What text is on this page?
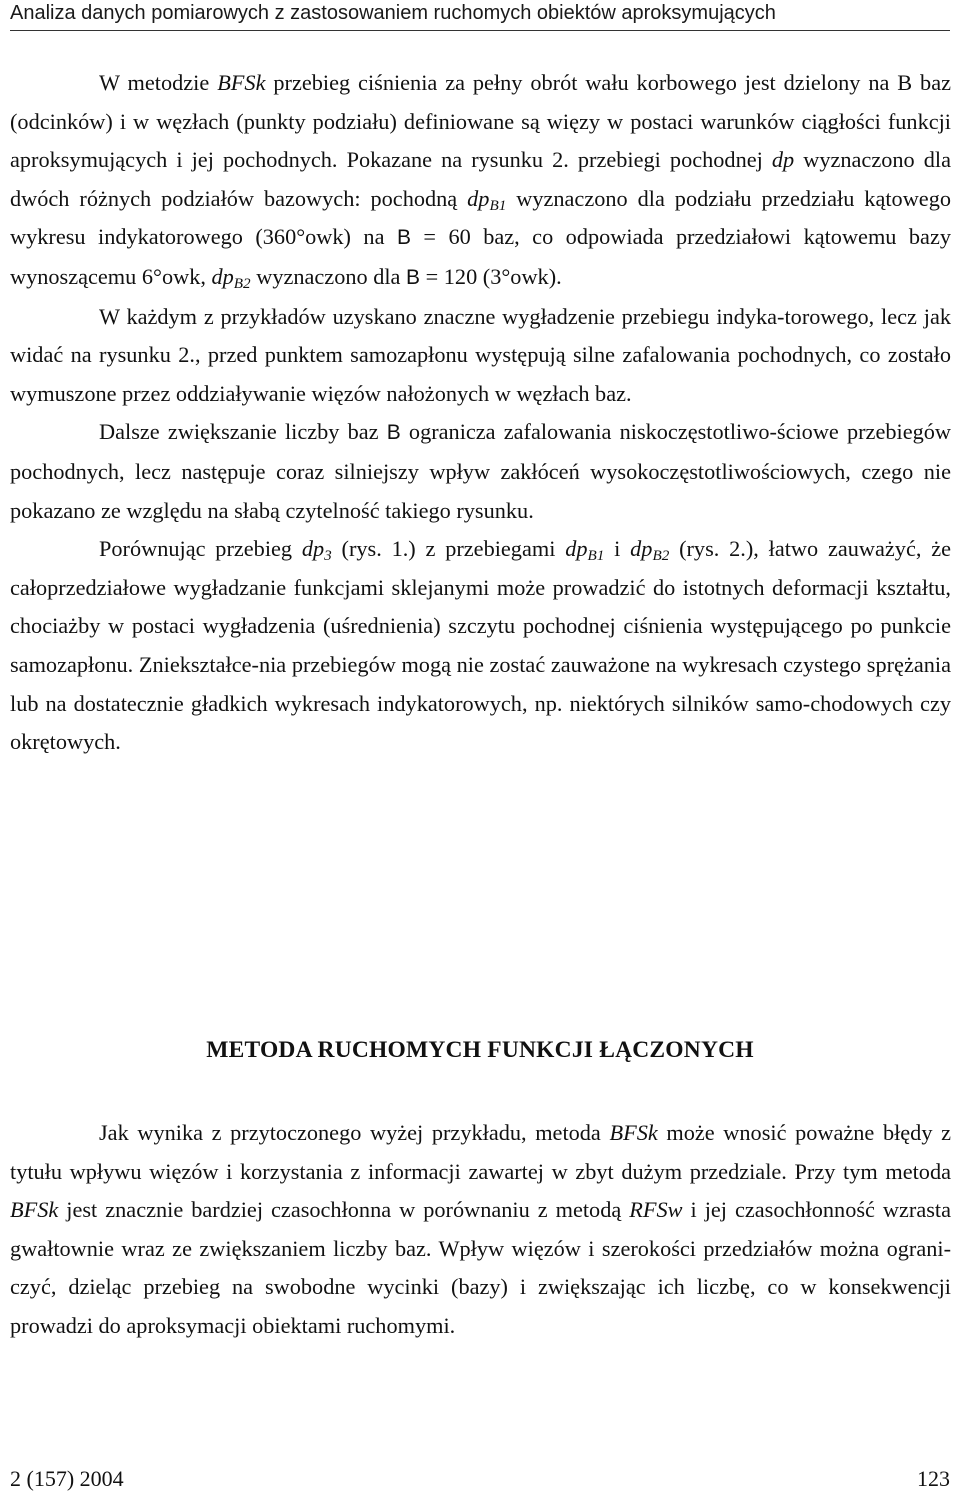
Analiza danych pomiarowych z zastosowaniem ruchomych obiektów aproksymujących

W metodzie BFSk przebieg ciśnienia za pełny obrót wału korbowego jest dzielony na B baz (odcinków) i w węzłach (punkty podziału) definiowane są więzy w postaci warunków ciągłości funkcji aproksymujących i jej pochodnych. Pokazane na rysunku 2. przebiegi pochodnej dp wyznaczono dla dwóch różnych podziałów bazowych: pochodną $dp_{B1}$ wyznaczono dla podziału przedziału kątowego wykresu indykatorowego (360°owk) na B = 60 baz, co odpowiada przedziałowi kątowemu bazy wynoszącemu 6°owk, $dp_{B2}$ wyznaczono dla B = 120 (3°owk).

W każdym z przykładów uzyskano znaczne wygładzenie przebiegu indyka-torowego, lecz jak widać na rysunku 2., przed punktem samozapłonu występują silne zafalowania pochodnych, co zostało wymuszone przez oddziaływanie więzów nałożonych w węzłach baz.

Dalsze zwiększanie liczby baz B ogranicza zafalowania niskoczęstotliwo-ściowe przebiegów pochodnych, lecz następuje coraz silniejszy wpływ zakłóceń wysokoczęstotliwościowych, czego nie pokazano ze względu na słabą czytelność takiego rysunku.

Porównując przebieg $dp_3$ (rys. 1.) z przebiegami $dp_{B1}$ i $dp_{B2}$ (rys. 2.), łatwo zauważyć, że całoprzedziałowe wygładzanie funkcjami sklejanymi może prowadzić do istotnych deformacji kształtu, chociażby w postaci wygładzenia (uśrednienia) szczytu pochodnej ciśnienia występującego po punkcie samozapłonu. Zniekształce-nia przebiegów mogą nie zostać zauważone na wykresach czystego sprężania lub na dostatecznie gładkich wykresach indykatorowych, np. niektórych silników samo-chodowych czy okrętowych.

METODA RUCHOMYCH FUNKCJI ŁĄCZONYCH

Jak wynika z przytoczonego wyżej przykładu, metoda BFSk może wnosić poważne błędy z tytułu wpływu więzów i korzystania z informacji zawartej w zbyt dużym przedziale. Przy tym metoda BFSk jest znacznie bardziej czasochłonna w porównaniu z metodą RFSw i jej czasochłonność wzrasta gwałtownie wraz ze zwiększaniem liczby baz. Wpływ więzów i szerokości przedziałów można ograni-czyć, dzieląc przebieg na swobodne wycinki (bazy) i zwiększając ich liczbę, co w konsekwencji prowadzi do aproksymacji obiektami ruchomymi.

2 (157) 2004	123
